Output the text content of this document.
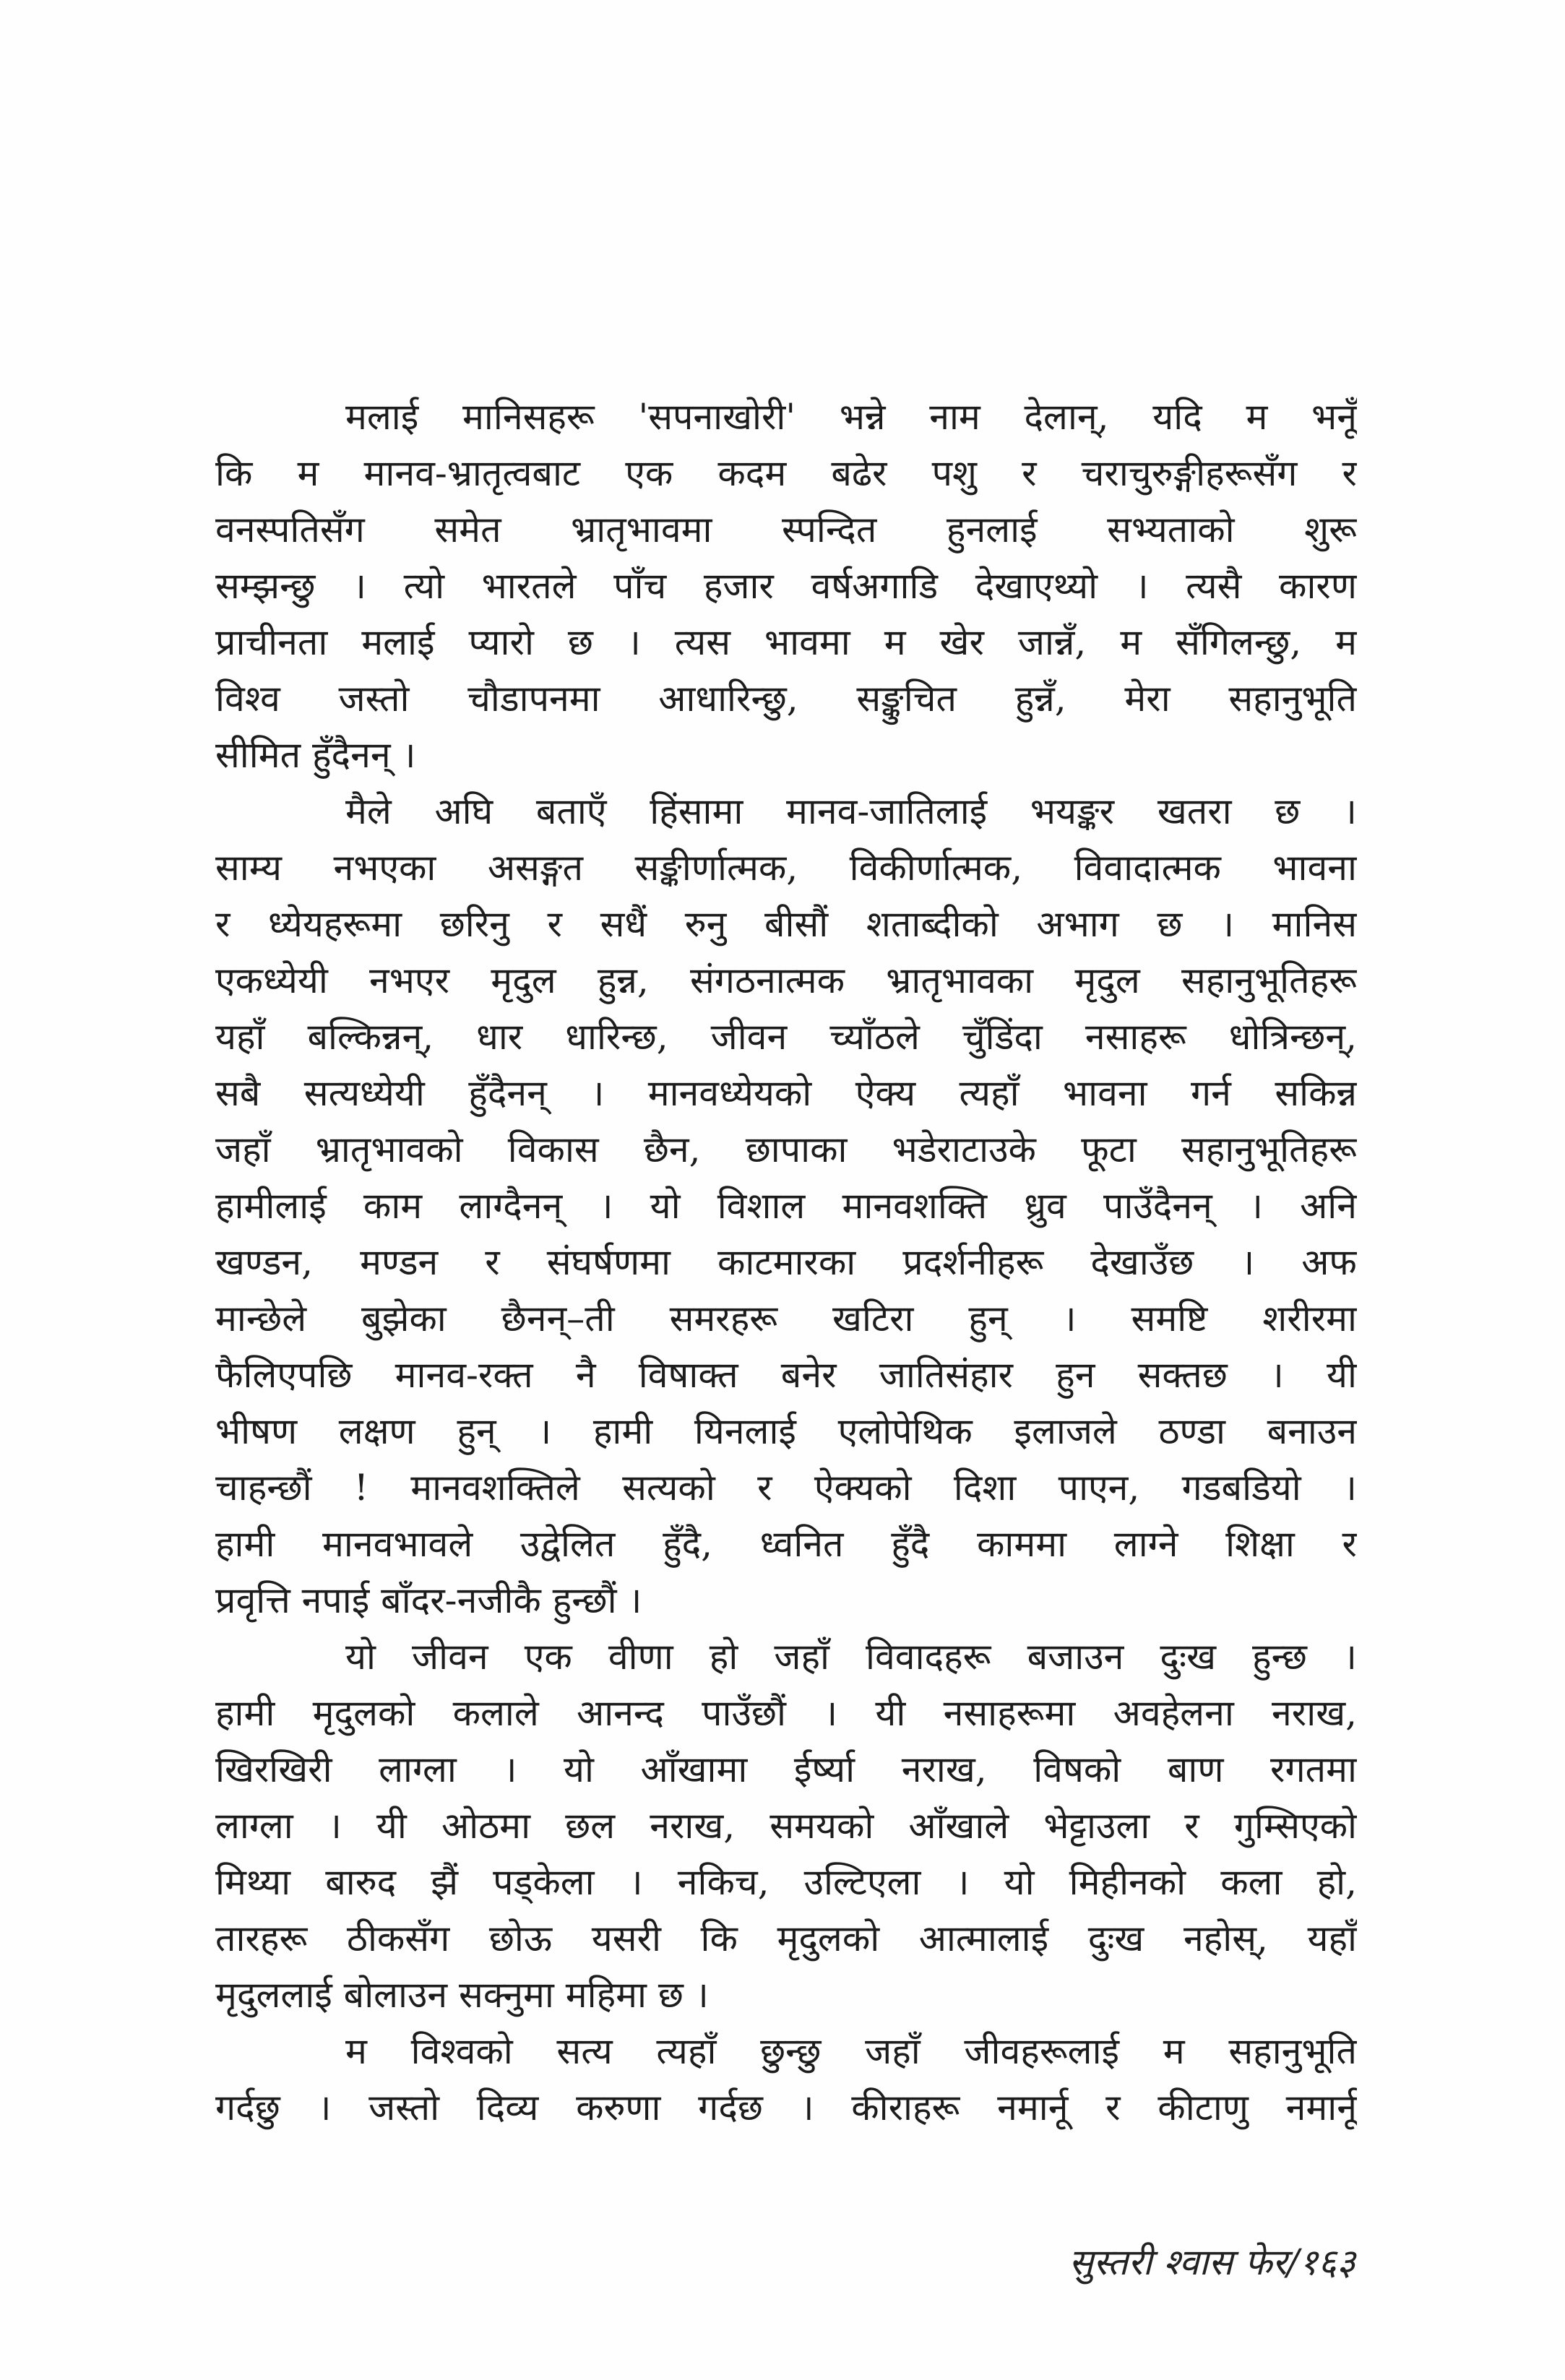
मलाई मानिसहरू 'सपनाखोरी' भन्ने नाम देलान्, यदि म भनूँ
कि म मानव-भ्रातृत्वबाट एक कदम बढेर पशु र चराचुरुङ्गीहरूसँग र
वनस्पतिसँग समेत भ्रातृभावमा स्पन्दित हुनलाई सभ्यताको शुरू
सम्झन्छु । त्यो भारतले पाँच हजार वर्षअगाडि देखाएथ्यो । त्यसै कारण
प्राचीनता मलाई प्यारो छ । त्यस भावमा म खेर जान्नँ, म सँगिलन्छु, म
विश्व जस्तो चौडापनमा आधारिन्छु, सङ्कुचित हुन्नँ, मेरा सहानुभूति
सीमित हुँदैनन् ।
मैले अघि बताएँ हिंसामा मानव-जातिलाई भयङ्कर खतरा छ ।
साम्य नभएका असङ्गत सङ्कीर्णात्मक, विकीर्णात्मक, विवादात्मक भावना
र ध्येयहरूमा छरिनु र सधैं रुनु बीसौं शताब्दीको अभाग छ । मानिस
एकध्येयी नभएर मृदुल हुन्न, संगठनात्मक भ्रातृभावका मृदुल सहानुभूतिहरू
यहाँ बल्किन्नन्, धार धारिन्छ, जीवन च्याँठले चुँडिंदा नसाहरू धोत्रिन्छन्,
सबै सत्यध्येयी हुँदैनन् । मानवध्येयको ऐक्य त्यहाँ भावना गर्न सकिन्न
जहाँ भ्रातृभावको विकास छैन, छापाका भडेराटाउके फूटा सहानुभूतिहरू
हामीलाई काम लाग्दैनन् । यो विशाल मानवशक्ति ध्रुव पाउँदैनन् । अनि
खण्डन, मण्डन र संघर्षणमा काटमारका प्रदर्शनीहरू देखाउँछ । अफ
मान्छेले बुझेका छैनन्–ती समरहरू खटिरा हुन् । समष्टि शरीरमा
फैलिएपछि मानव-रक्त नै विषाक्त बनेर जातिसंहार हुन सक्तछ । यी
भीषण लक्षण हुन् । हामी यिनलाई एलोपेथिक इलाजले ठण्डा बनाउन
चाहन्छौं ! मानवशक्तिले सत्यको र ऐक्यको दिशा पाएन, गडबडियो ।
हामी मानवभावले उद्वेलित हुँदै, ध्वनित हुँदै काममा लाग्ने शिक्षा र
प्रवृत्ति नपाई बाँदर-नजीकै हुन्छौं ।
यो जीवन एक वीणा हो जहाँ विवादहरू बजाउन दुःख हुन्छ ।
हामी मृदुलको कलाले आनन्द पाउँछौं । यी नसाहरूमा अवहेलना नराख,
खिरखिरी लाग्ला । यो आँखामा ईर्ष्या नराख, विषको बाण रगतमा
लाग्ला । यी ओठमा छल नराख, समयको आँखाले भेट्टाउला र गुम्सिएको
मिथ्या बारुद झैं पड्केला । नकिच, उल्टिएला । यो मिहीनको कला हो,
तारहरू ठीकसँग छोऊ यसरी कि मृदुलको आत्मालाई दुःख नहोस्, यहाँ
मृदुललाई बोलाउन सक्नुमा महिमा छ ।
म विश्वको सत्य त्यहाँ छुन्छु जहाँ जीवहरूलाई म सहानुभूति
गर्दछु । जस्तो दिव्य करुणा गर्दछ । कीराहरू नमार्नू र कीटाणु नमार्नू
सुस्तरी श्वास फेर/१६३
